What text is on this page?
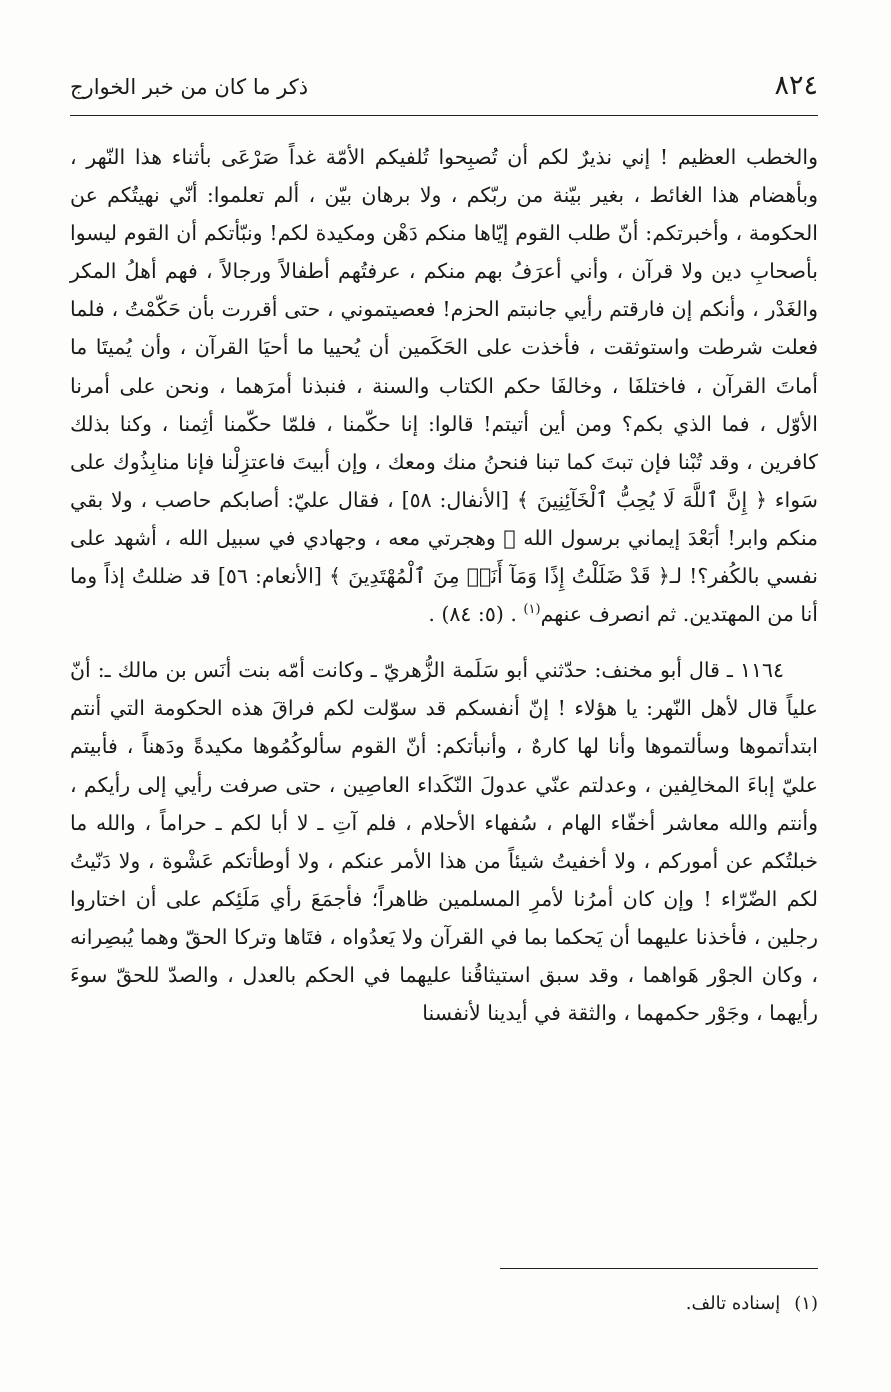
٨٢٤
ذكر ما كان من خبر الخوارج

والخطب العظيم ! إني نذيرٌ لكم أن تُصبِحوا تُلفيكم الأمّة غداً صَرْعَى بأثناء هذا النّهر ، وبأهضام هذا الغائط ، بغير بيّنة من ربّكم ، ولا برهان بيّن ، ألم تعلموا: أنّي نهيتُكم عن الحكومة ، وأخبرتكم: أنّ طلب القوم إيّاها منكم دَهْن ومكيدة لكم! ونبّأتكم أن القوم ليسوا بأصحابِ دين ولا قرآن ، وأني أعرَفُ بهم منكم ، عرفتُهم أطفالاً ورجالاً ، فهم أهلُ المكر والغَدْر ، وأنكم إن فارقتم رأيي جانبتم الحزم! فعصيتموني ، حتى أقررت بأن حَكّمْتُ ، فلما فعلت شرطت واستوثقت ، فأخذت على الحَكَمين أن يُحييا ما أحيَا القرآن ، وأن يُميتَا ما أماتَ القرآن ، فاختلفَا ، وخالفَا حكم الكتاب والسنة ، فنبذنا أمرَهما ، ونحن على أمرنا الأوّل ، فما الذي بكم؟ ومن أين أتيتم! قالوا: إنا حكّمنا ، فلمّا حكّمنا أثِمنا ، وكنا بذلك كافرين ، وقد تُبْنا فإن تبتَ كما تبنا فنحنُ منك ومعك ، وإن أبيتَ فاعتزِلْنا فإنا منابِذُوك على سَواء ﴿ إِنَّ ٱللَّهَ لَا يُحِبُّ ٱلْخَآئِنِينَ ﴾ [الأنفال: ٥٨] ، فقال عليّ: أصابكم حاصب ، ولا بقي منكم وابر! أبَعْدَ إيماني برسول الله ﷺ وهجرتي معه ، وجهادي في سبيل الله ، أشهد على نفسي بالكُفر؟! لـ﴿ قَدْ ضَلَلْتُ إِذًا وَمَآ أَنَا۠ مِنَ ٱلْمُهْتَدِينَ ﴾ [الأنعام: ٥٦] قد ضللتُ إذاً وما أنا من المهتدين. ثم انصرف عنهم$^{(١)}$ . (٥: ٨٤) .

١١٦٤ ـ قال أبو مخنف: حدّثني أبو سَلَمة الزُّهريّ ـ وكانت أمّه بنت أنَس بن مالك ـ: أنّ علياً قال لأهل النّهر: يا هؤلاء ! إنّ أنفسكم قد سوّلت لكم فراقَ هذه الحكومة التي أنتم ابتدأتموها وسألتموها وأنا لها كارهٌ ، وأنبأتكم: أنّ القوم سألوكُمُوها مكيدةً ودَهناً ، فأبيتم عليّ إباءَ المخالِفين ، وعدلتم عنّي عدولَ النّكَداء العاصِين ، حتى صرفت رأيي إلى رأيكم ، وأنتم والله معاشر أخفّاء الهام ، سُفهاء الأحلام ، فلم آتِ ـ لا أبا لكم ـ حراماً ، والله ما خبلتُكم عن أموركم ، ولا أخفيتُ شيئاً من هذا الأمر عنكم ، ولا أوطأتكم عَشْوة ، ولا دَنّيتُ لكم الضّرّاء ! وإن كان أمرُنا لأمرِ المسلمين ظاهراً؛ فأجمَعَ رأي مَلَئِكم على أن اختاروا رجلين ، فأخذنا عليهما أن يَحكما بما في القرآن ولا يَعدُواه ، فتَاها وتركا الحقّ وهما يُبصِرانه ، وكان الجوْر هَواهما ، وقد سبق استيثاقُنا عليهما في الحكم بالعدل ، والصدّ للحقّ سوءَ رأيهما ، وجَوْر حكمهما ، والثقة في أيدينا لأنفسنا

(١)إسناده تالف.
